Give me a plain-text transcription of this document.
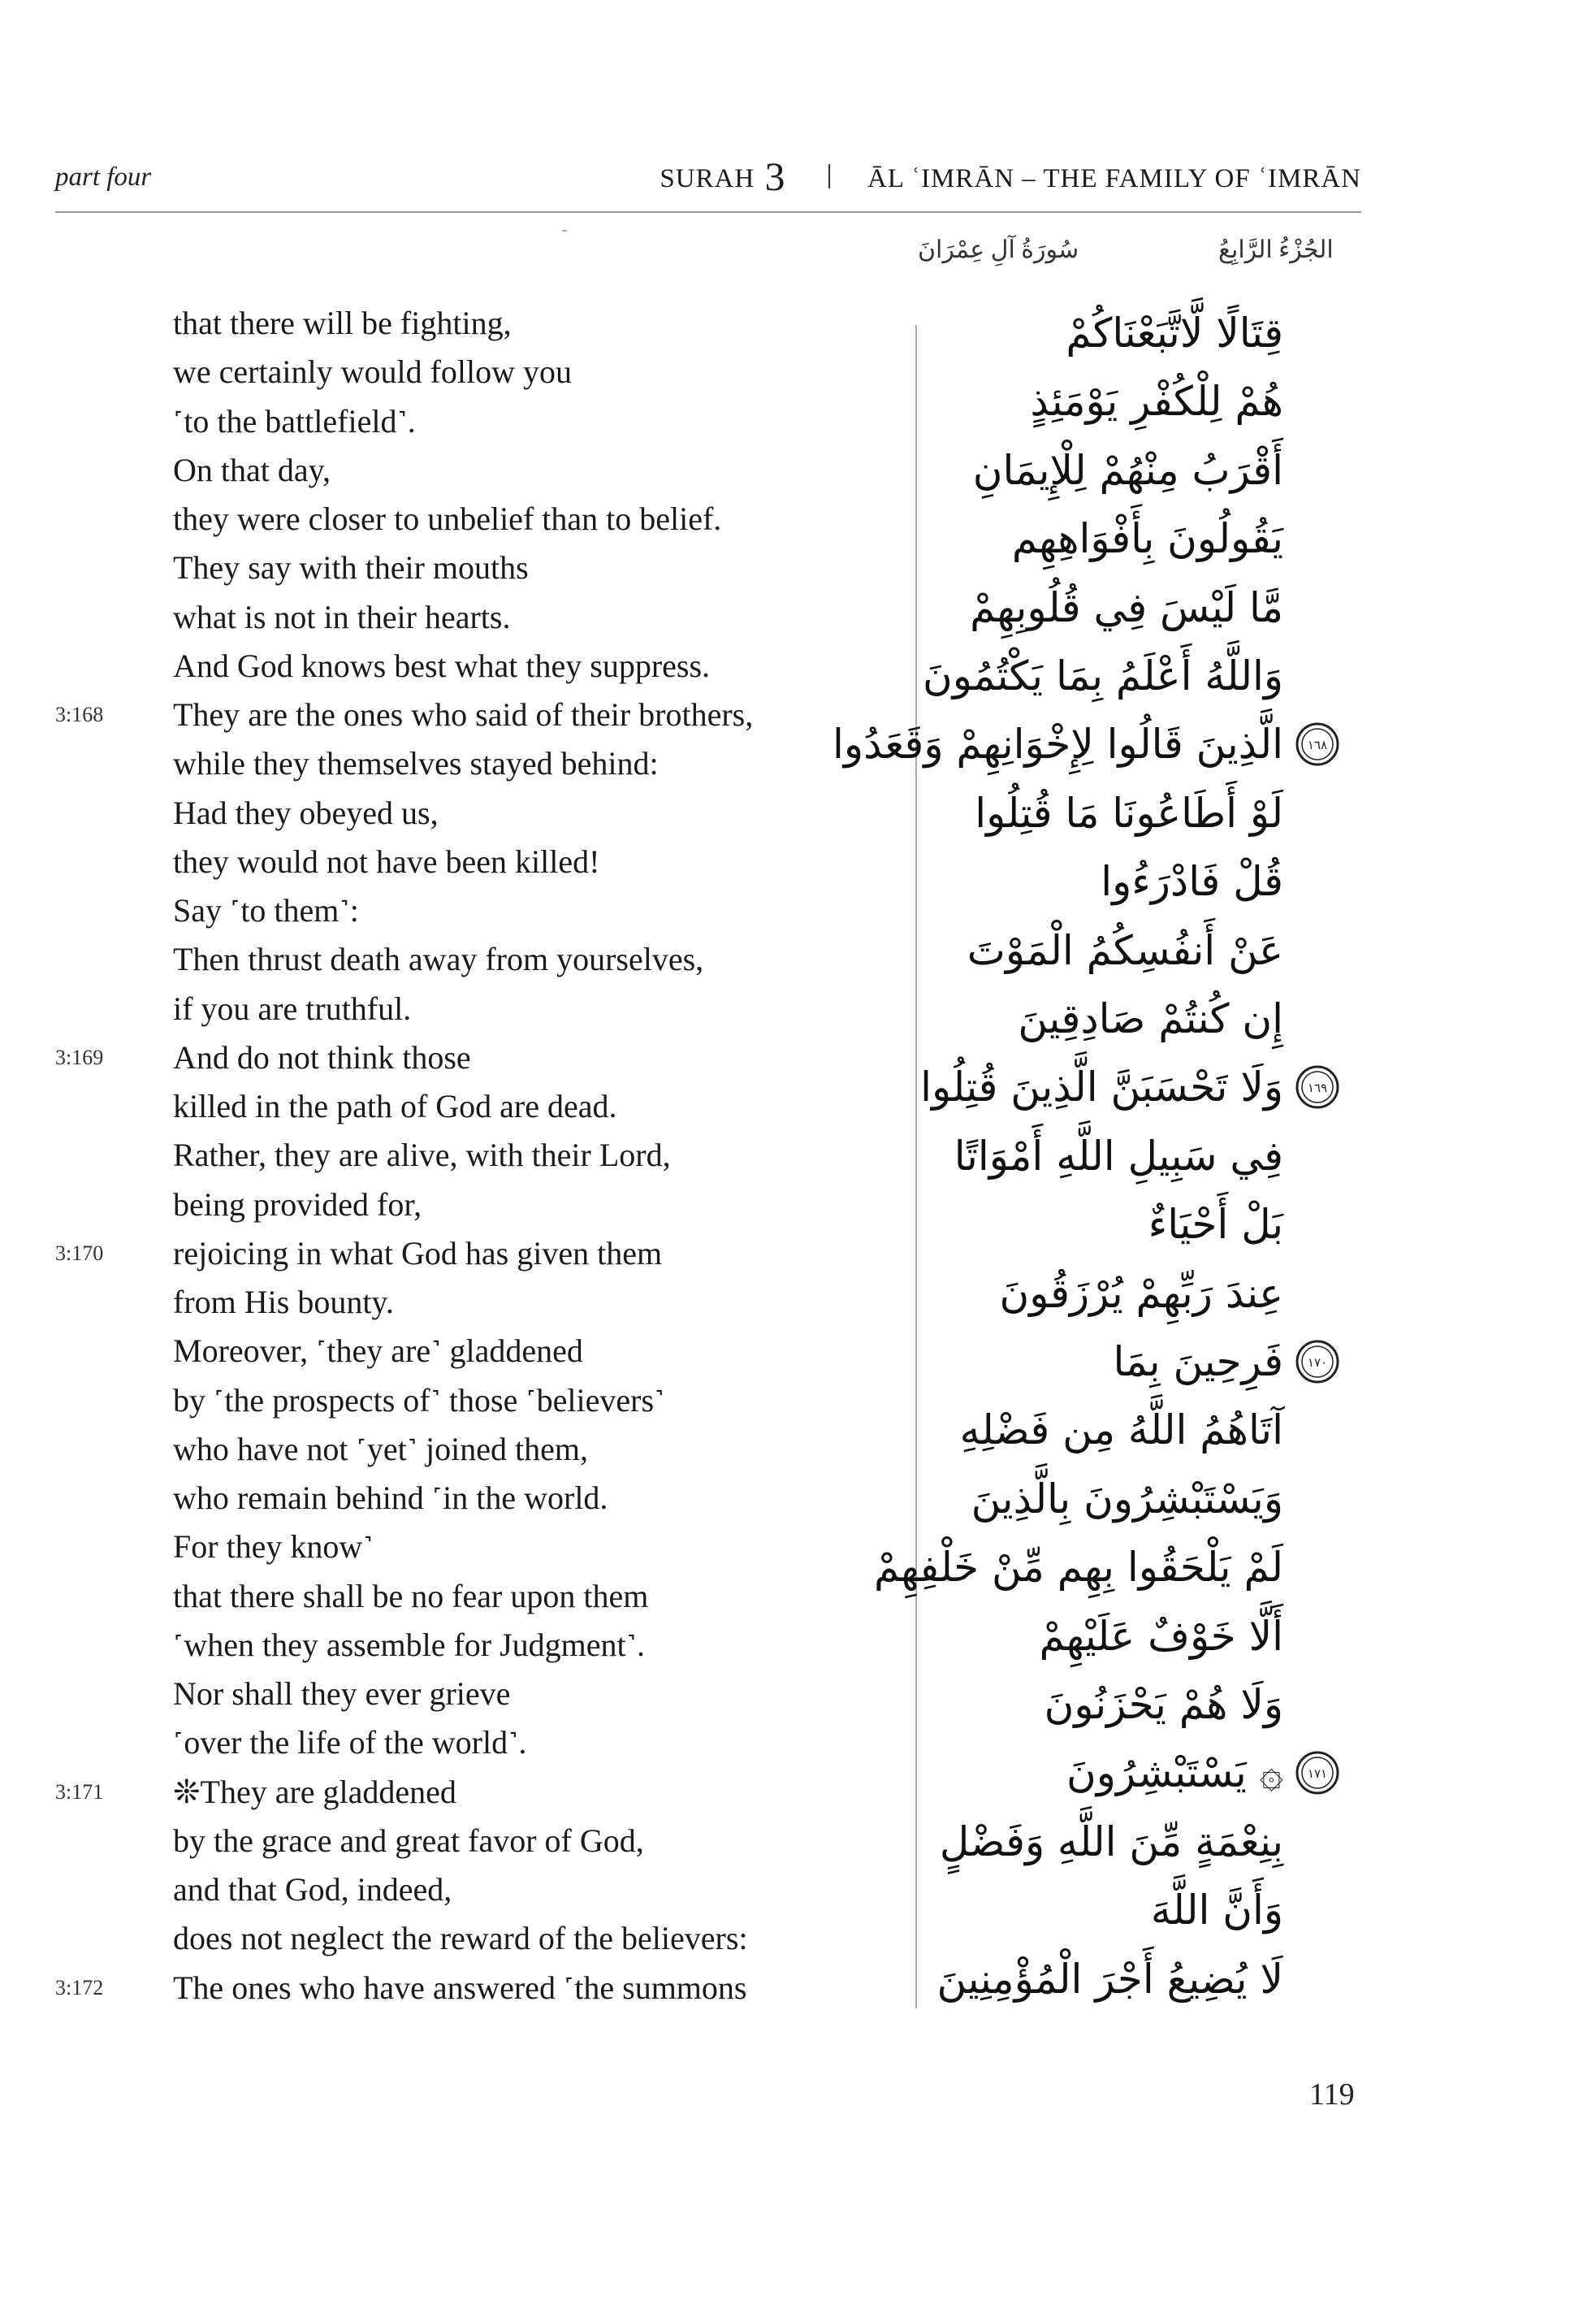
part four	SURAH 3	ĀL ʿIMRĀN – THE FAMILY OF ʿIMRĀN
سُورَةُ آلِ عِمْرَانَ	الجُزْءُ الرَّابِعُ
that there will be fighting,
we certainly would follow you
˹to the battlefield˺.
On that day,
they were closer to unbelief than to belief.
They say with their mouths
what is not in their hearts.
And God knows best what they suppress.
3:168 They are the ones who said of their brothers,
while they themselves stayed behind:
Had they obeyed us,
they would not have been killed!
Say ˹to them˺:
Then thrust death away from yourselves,
if you are truthful.
3:169 And do not think those
killed in the path of God are dead.
Rather, they are alive, with their Lord,
being provided for,
3:170 rejoicing in what God has given them
from His bounty.
Moreover, ˹they are˺ gladdened
by ˹the prospects of˺ those ˹believers˺
who have not ˹yet˺ joined them,
who remain behind ˹in the world.
For they know˺
that there shall be no fear upon them
˹when they assemble for Judgment˺.
Nor shall they ever grieve
˹over the life of the world˺.
3:171 ❊They are gladdened
by the grace and great favor of God,
and that God, indeed,
does not neglect the reward of the believers:
3:172 The ones who have answered ˹the summons
قِتَالًا لَّاتَّبَعْنَاكُمْ
هُمْ لِلْكُفْرِ يَوْمَئِذٍ
أَقْرَبُ مِنْهُمْ لِلْإِيمَانِ
يَقُولُونَ بِأَفْوَاهِهِم
مَّا لَيْسَ فِي قُلُوبِهِمْ
وَاللَّهُ أَعْلَمُ بِمَا يَكْتُمُونَ
الَّذِينَ قَالُوا لِإِخْوَانِهِمْ وَقَعَدُوا ١٦٨
لَوْ أَطَاعُونَا مَا قُتِلُوا
قُلْ فَادْرَءُوا
عَنْ أَنفُسِكُمُ الْمَوْتَ
إِن كُنتُمْ صَادِقِينَ
وَلَا تَحْسَبَنَّ الَّذِينَ قُتِلُوا ١٦٩
فِي سَبِيلِ اللَّهِ أَمْوَاتًا
بَلْ أَحْيَاءٌ
عِندَ رَبِّهِمْ يُرْزَقُونَ
فَرِحِينَ بِمَا ١٧٠
آتَاهُمُ اللَّهُ مِن فَضْلِهِ
وَيَسْتَبْشِرُونَ بِالَّذِينَ
لَمْ يَلْحَقُوا بِهِم مِّنْ خَلْفِهِمْ
أَلَّا خَوْفٌ عَلَيْهِمْ
وَلَا هُمْ يَحْزَنُونَ
۞ يَسْتَبْشِرُونَ ١٧١
بِنِعْمَةٍ مِّنَ اللَّهِ وَفَضْلٍ
وَأَنَّ اللَّهَ
لَا يُضِيعُ أَجْرَ الْمُؤْمِنِينَ
119
